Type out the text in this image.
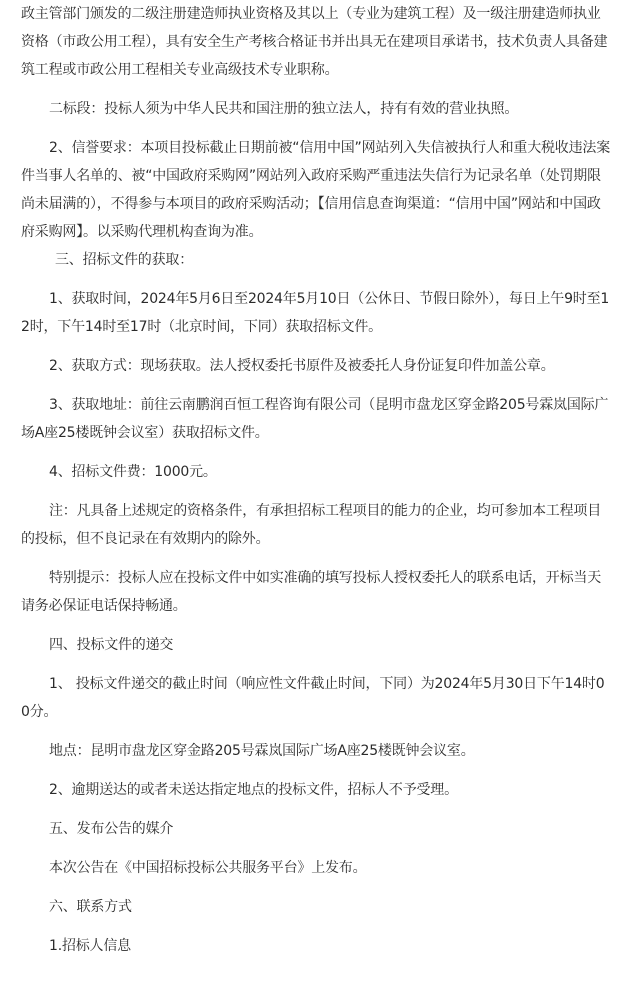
政主管部门颁发的二级注册建造师执业资格及其以上（专业为建筑工程）及一级注册建造师执业资格（市政公用工程），具有安全生产考核合格证书并出具无在建项目承诺书，技术负责人具备建筑工程或市政公用工程相关专业高级技术专业职称。

二标段：投标人须为中华人民共和国注册的独立法人，持有有效的营业执照。

2、信誉要求：本项目投标截止日期前被“信用中国”网站列入失信被执行人和重大税收违法案件当事人名单的、被“中国政府采购网”网站列入政府采购严重违法失信行为记录名单（处罚期限尚未届满的），不得参与本项目的政府采购活动；【信用信息查询渠道：“信用中国”网站和中国政府采购网】。以采购代理机构查询为准。

三、招标文件的获取：

1、获取时间，2024年5月6日至2024年5月10日（公休日、节假日除外），每日上午9时至12时，下午14时至17时（北京时间，下同）获取招标文件。

2、获取方式：现场获取。法人授权委托书原件及被委托人身份证复印件加盖公章。

3、获取地址：前往云南鹏润百恒工程咨询有限公司（昆明市盘龙区穿金路205号霖岚国际广场A座25楼既钟会议室）获取招标文件。

4、招标文件费：1000元。

注：凡具备上述规定的资格条件，有承担招标工程项目的能力的企业，均可参加本工程项目的投标，但不良记录在有效期内的除外。

特别提示：投标人应在投标文件中如实准确的填写投标人授权委托人的联系电话，开标当天请务必保证电话保持畅通。

四、投标文件的递交

1、 投标文件递交的截止时间（响应性文件截止时间，下同）为2024年5月30日下午14时00分。

地点：昆明市盘龙区穿金路205号霖岚国际广场A座25楼既钟会议室。

2、逾期送达的或者未送达指定地点的投标文件，招标人不予受理。

五、发布公告的媒介

本次公告在《中国招标投标公共服务平台》上发布。

六、联系方式

1.招标人信息
